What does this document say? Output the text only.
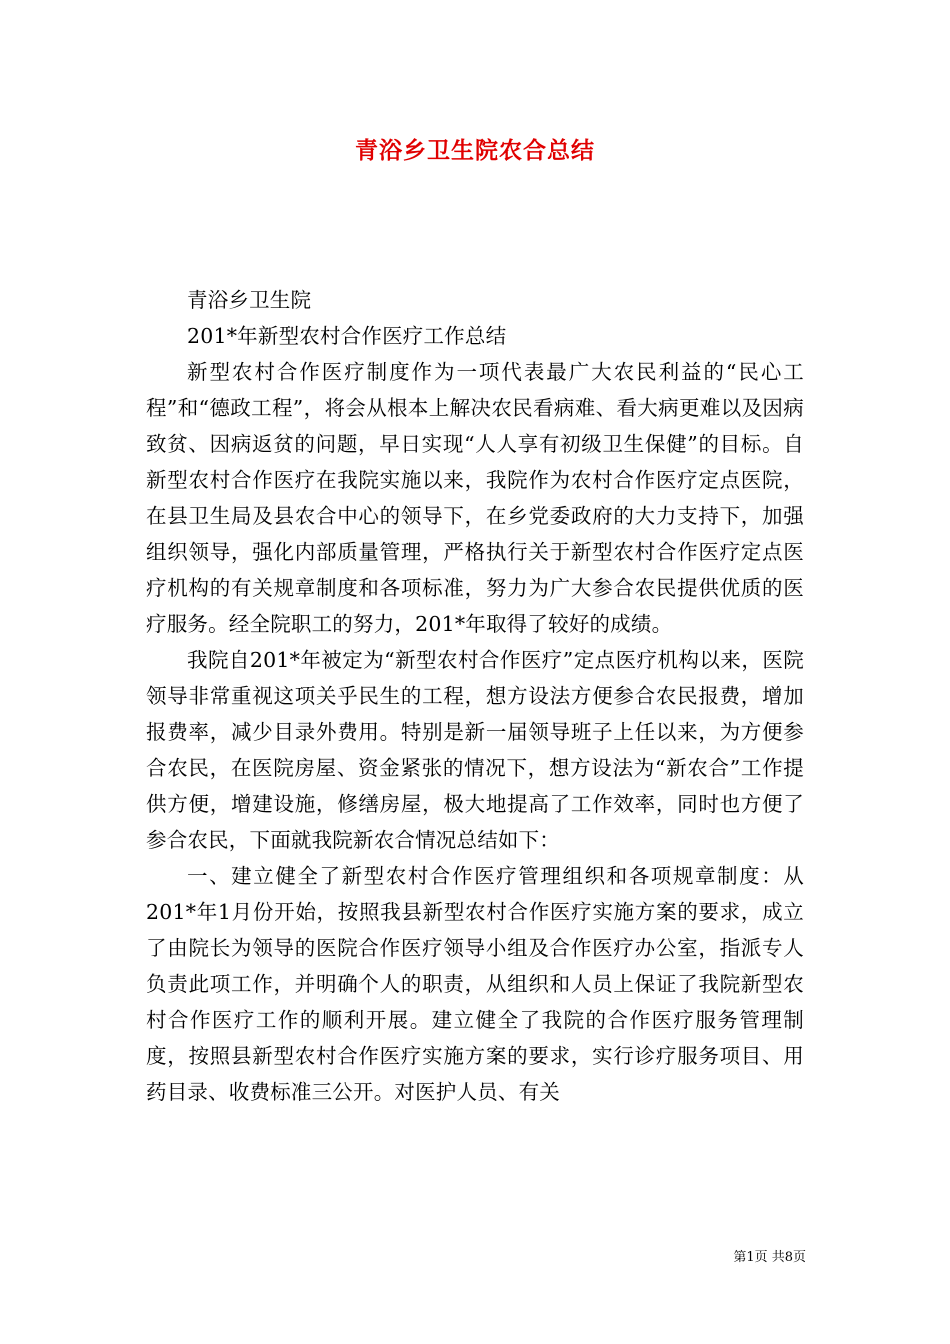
青浴乡卫生院农合总结

青浴乡卫生院

201*年新型农村合作医疗工作总结

新型农村合作医疗制度作为一项代表最广大农民利益的“民心工程”和“德政工程”，将会从根本上解决农民看病难、看大病更难以及因病致贫、因病返贫的问题，早日实现“人人享有初级卫生保健”的目标。自新型农村合作医疗在我院实施以来，我院作为农村合作医疗定点医院，在县卫生局及县农合中心的领导下，在乡党委政府的大力支持下，加强组织领导，强化内部质量管理，严格执行关于新型农村合作医疗定点医疗机构的有关规章制度和各项标准，努力为广大参合农民提供优质的医疗服务。经全院职工的努力，201*年取得了较好的成绩。

我院自201*年被定为“新型农村合作医疗”定点医疗机构以来，医院领导非常重视这项关乎民生的工程，想方设法方便参合农民报费，增加报费率，减少目录外费用。特别是新一届领导班子上任以来，为方便参合农民，在医院房屋、资金紧张的情况下，想方设法为“新农合”工作提供方便，增建设施，修缮房屋，极大地提高了工作效率，同时也方便了参合农民，下面就我院新农合情况总结如下：

一、建立健全了新型农村合作医疗管理组织和各项规章制度：从201*年1月份开始，按照我县新型农村合作医疗实施方案的要求，成立了由院长为领导的医院合作医疗领导小组及合作医疗办公室，指派专人负责此项工作，并明确个人的职责，从组织和人员上保证了我院新型农村合作医疗工作的顺利开展。建立健全了我院的合作医疗服务管理制度，按照县新型农村合作医疗实施方案的要求，实行诊疗服务项目、用药目录、收费标准三公开。对医护人员、有关

第1页 共8页
